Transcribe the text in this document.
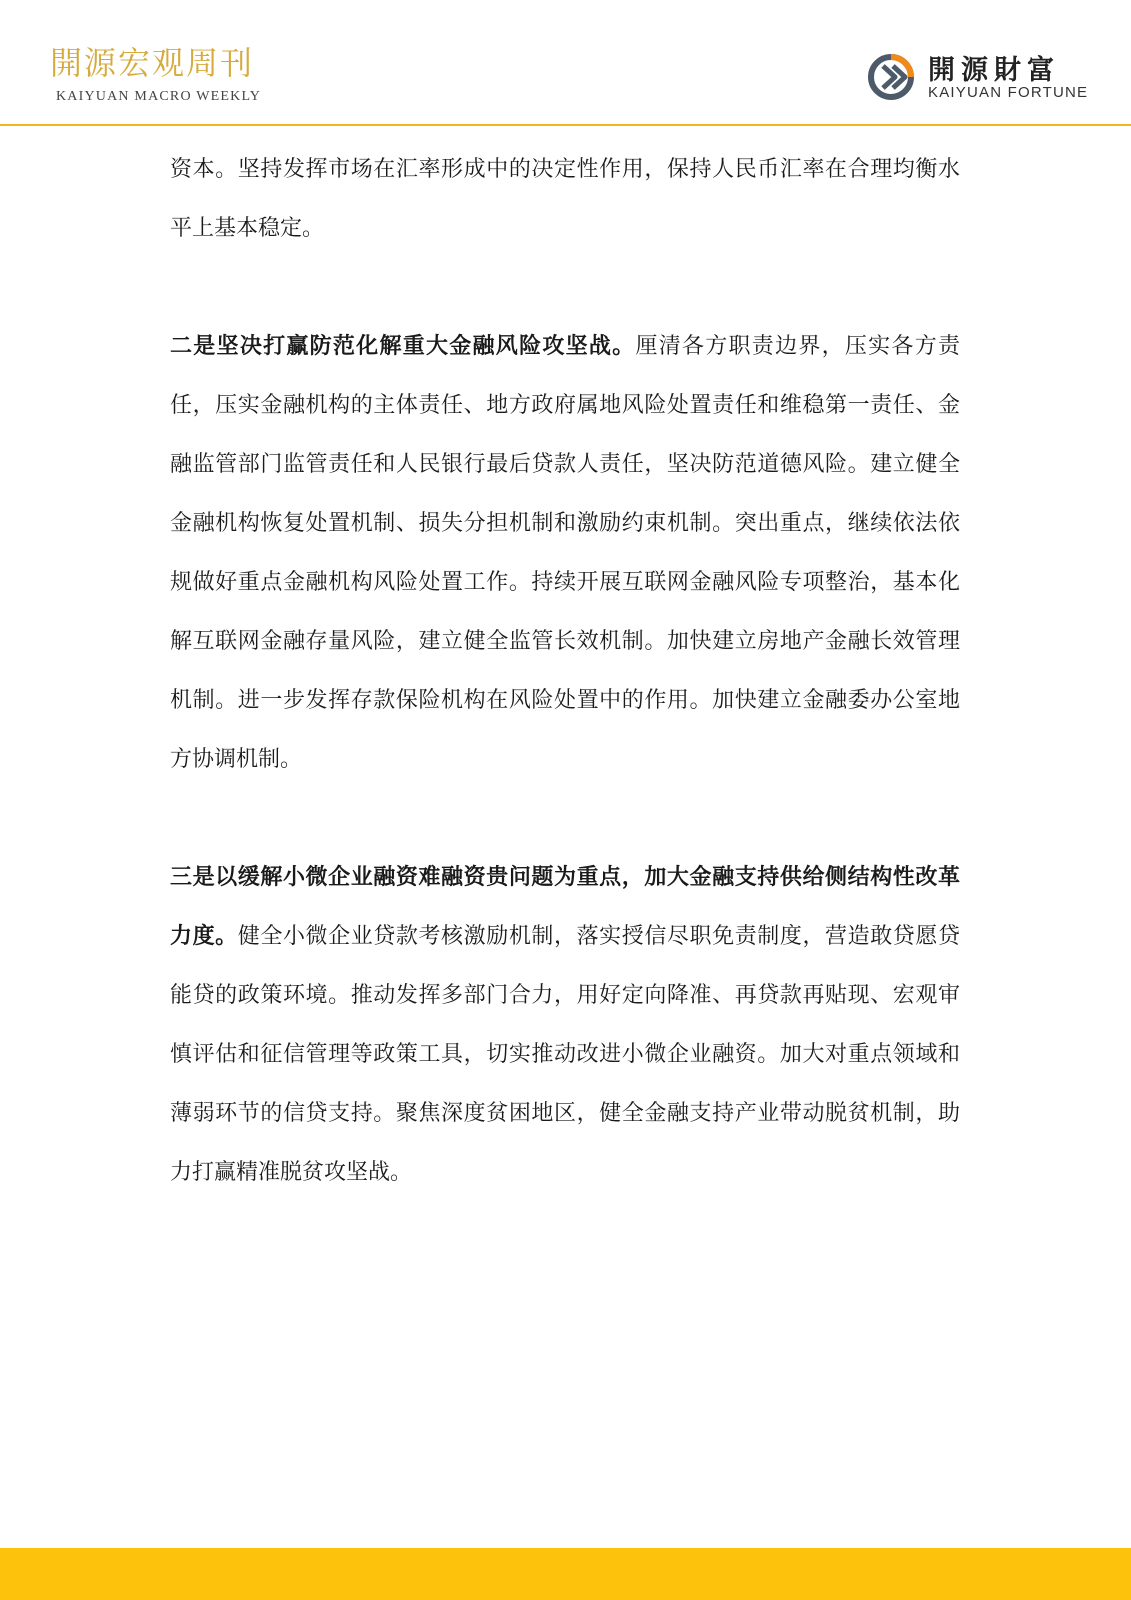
開源宏观周刊
KAIYUAN MACRO WEEKLY
開源財富
KAIYUAN FORTUNE

资本。坚持发挥市场在汇率形成中的决定性作用，保持人民币汇率在合理均衡水平上基本稳定。

二是坚决打赢防范化解重大金融风险攻坚战。厘清各方职责边界，压实各方责任，压实金融机构的主体责任、地方政府属地风险处置责任和维稳第一责任、金融监管部门监管责任和人民银行最后贷款人责任，坚决防范道德风险。建立健全金融机构恢复处置机制、损失分担机制和激励约束机制。突出重点，继续依法依规做好重点金融机构风险处置工作。持续开展互联网金融风险专项整治，基本化解互联网金融存量风险，建立健全监管长效机制。加快建立房地产金融长效管理机制。进一步发挥存款保险机构在风险处置中的作用。加快建立金融委办公室地方协调机制。

三是以缓解小微企业融资难融资贵问题为重点，加大金融支持供给侧结构性改革力度。健全小微企业贷款考核激励机制，落实授信尽职免责制度，营造敢贷愿贷能贷的政策环境。推动发挥多部门合力，用好定向降准、再贷款再贴现、宏观审慎评估和征信管理等政策工具，切实推动改进小微企业融资。加大对重点领域和薄弱环节的信贷支持。聚焦深度贫困地区，健全金融支持产业带动脱贫机制，助力打赢精准脱贫攻坚战。
